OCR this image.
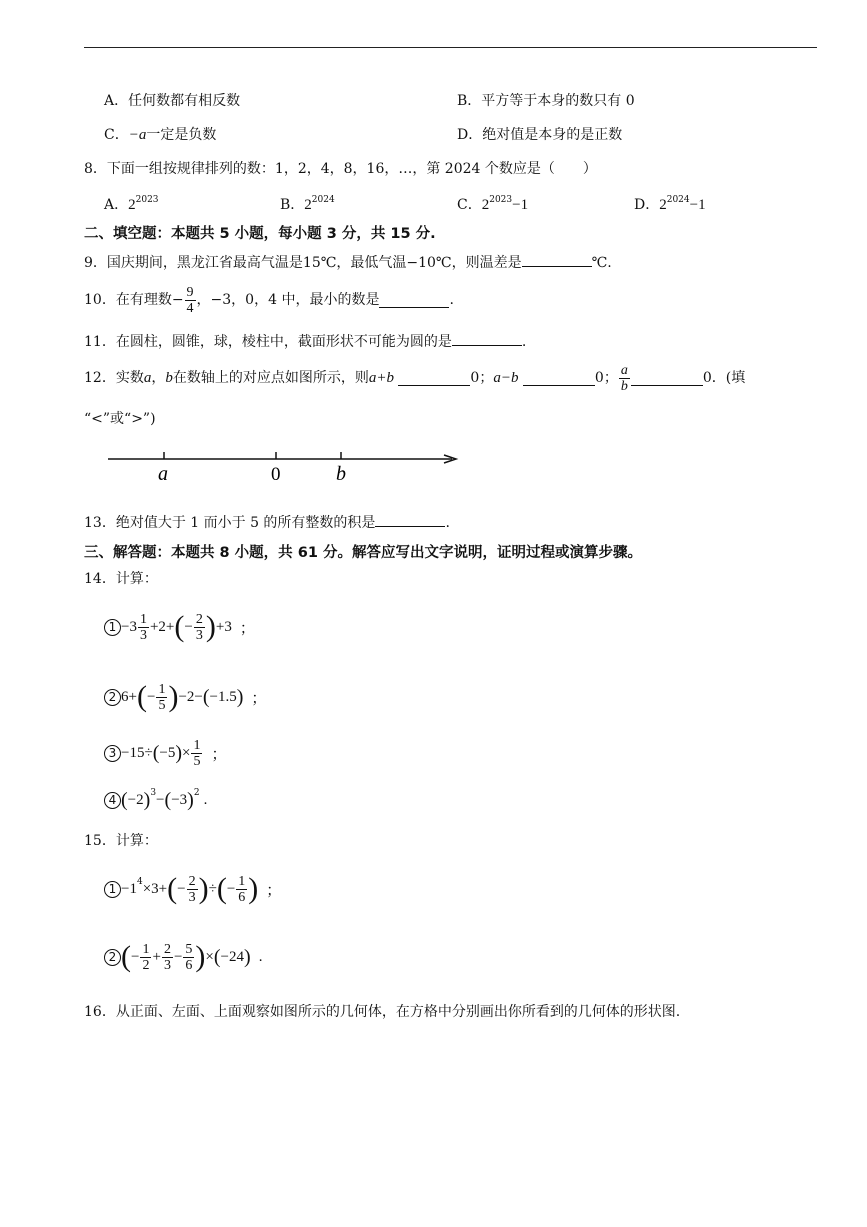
A．任何数都有相反数	B．平方等于本身的数只有 0
C．−a一定是负数	D．绝对值是本身的是正数
8．下面一组按规律排列的数：1，2，4，8，16，…，第 2024 个数应是（　　）
A．$2^{2023}$	B．$2^{2024}$	C．$2^{2023}-1$	D．$2^{2024}-1$
二、填空题：本题共 5 小题，每小题 3 分，共 15 分.
9．国庆期间，黑龙江省最高气温是15℃，最低气温−10℃，则温差是	℃.
10．在有理数− $\frac{9}{4}$ ，−3，0，4 中，最小的数是	.
11．在圆柱，圆锥，球，棱柱中，截面形状不可能为圆的是	.
12．实数 a ， b 在数轴上的对应点如图所示，则 a+b
	0； a−b
	0； $\frac{a}{b}$	0．(填
“<”或“>”)
a	0	b
13．绝对值大于 1 而小于 5 的所有整数的积是	.
三、解答题：本题共 8 小题，共 61 分。解答应写出文字说明，证明过程或演算步骤。
14．计算：
$1 -3 \frac{1}{3} +2+$ ( − $\frac{2}{3}$ ) +3 ；
2 6+ ( − $\frac{1}{5}$ ) −2− ( −1.5 ) ；
3 −15÷ ( −5 ) × $\frac{1}{5}$ ；
4 ( −2 ) 3 − ( −3 ) 2 .
15．计算：
1 −1 4 ×3+ ( − $\frac{2}{3}$ ) ÷ ( − $\frac{1}{6}$ ) ；
2 ( − $\frac{1}{2} + \frac{2}{3} - \frac{5}{6}$ ) × ( −24 ) .
16．从正面、左面、上面观察如图所示的几何体，在方格中分别画出你所看到的几何体的形状图.
